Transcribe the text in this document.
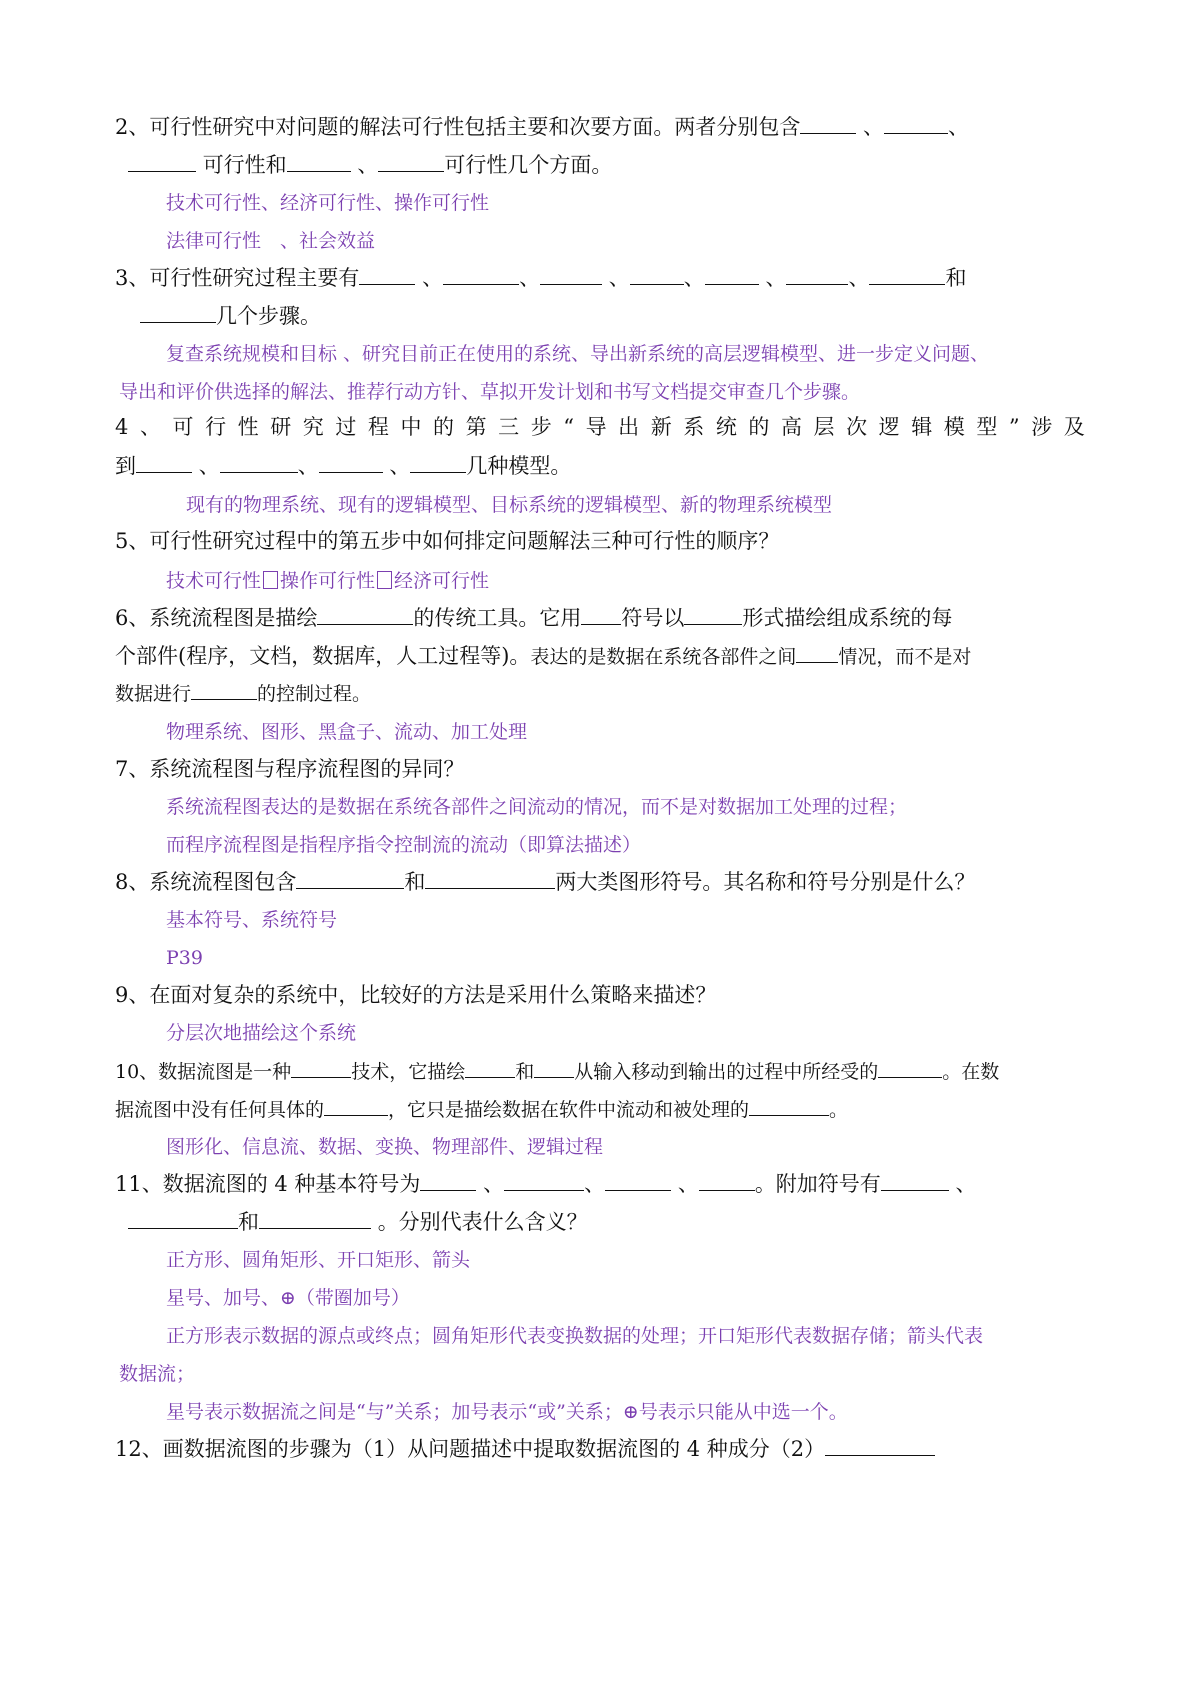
2、可行性研究中对问题的解法可行性包括主要和次要方面。两者分别包含	、	、
可行性和	、	可行性几个方面。
技术可行性、经济可行性、操作可行性
法律可行性　、社会效益
3、可行性研究过程主要有	、	、	、	、	、	、	和
几个步骤。
复查系统规模和目标 、研究目前正在使用的系统、导出新系统的高层逻辑模型、进一步定义问题、
导出和评价供选择的解法、推荐行动方针、草拟开发计划和书写文档提交审查几个步骤。
4 、 可 行 性 研 究 过 程 中 的 第 三 步 “ 导 出 新 系 统 的 高 层 次 逻 辑 模 型 ” 涉 及
到	、	、	、	几种模型。
现有的物理系统、现有的逻辑模型、目标系统的逻辑模型、新的物理系统模型
5、可行性研究过程中的第五步中如何排定问题解法三种可行性的顺序？
技术可行性 操作可行性 经济可行性
6、系统流程图是描绘	的传统工具。它用 符号以	形式描绘组成系统的每
个部件(程序，文档，数据库，人工过程等)。表达的是数据在系统各部件之间 情况，而不是对
数据进行	的控制过程。
物理系统、图形、黑盒子、流动、加工处理
7、系统流程图与程序流程图的异同？
系统流程图表达的是数据在系统各部件之间流动的情况，而不是对数据加工处理的过程；
而程序流程图是指程序指令控制流的流动（即算法描述）
8、系统流程图包含	和	两大类图形符号。其名称和符号分别是什么？
基本符号、系统符号
P39
9、在面对复杂的系统中，比较好的方法是采用什么策略来描述？
分层次地描绘这个系统
10、数据流图是一种	技术，它描绘	和 从输入移动到输出的过程中所经受的	。在数
据流图中没有任何具体的	，它只是描绘数据在软件中流动和被处理的	。
图形化、信息流、数据、变换、物理部件、逻辑过程
11、数据流图的 4 种基本符号为	、	、	、	。附加符号有	、
和	。分别代表什么含义？
正方形、圆角矩形、开口矩形、箭头
星号、加号、⊕（带圈加号）
正方形表示数据的源点或终点；圆角矩形代表变换数据的处理；开口矩形代表数据存储；箭头代表
数据流；
星号表示数据流之间是“与”关系；加号表示“或”关系；⊕号表示只能从中选一个。
12、画数据流图的步骤为（1）从问题描述中提取数据流图的 4 种成分（2）
